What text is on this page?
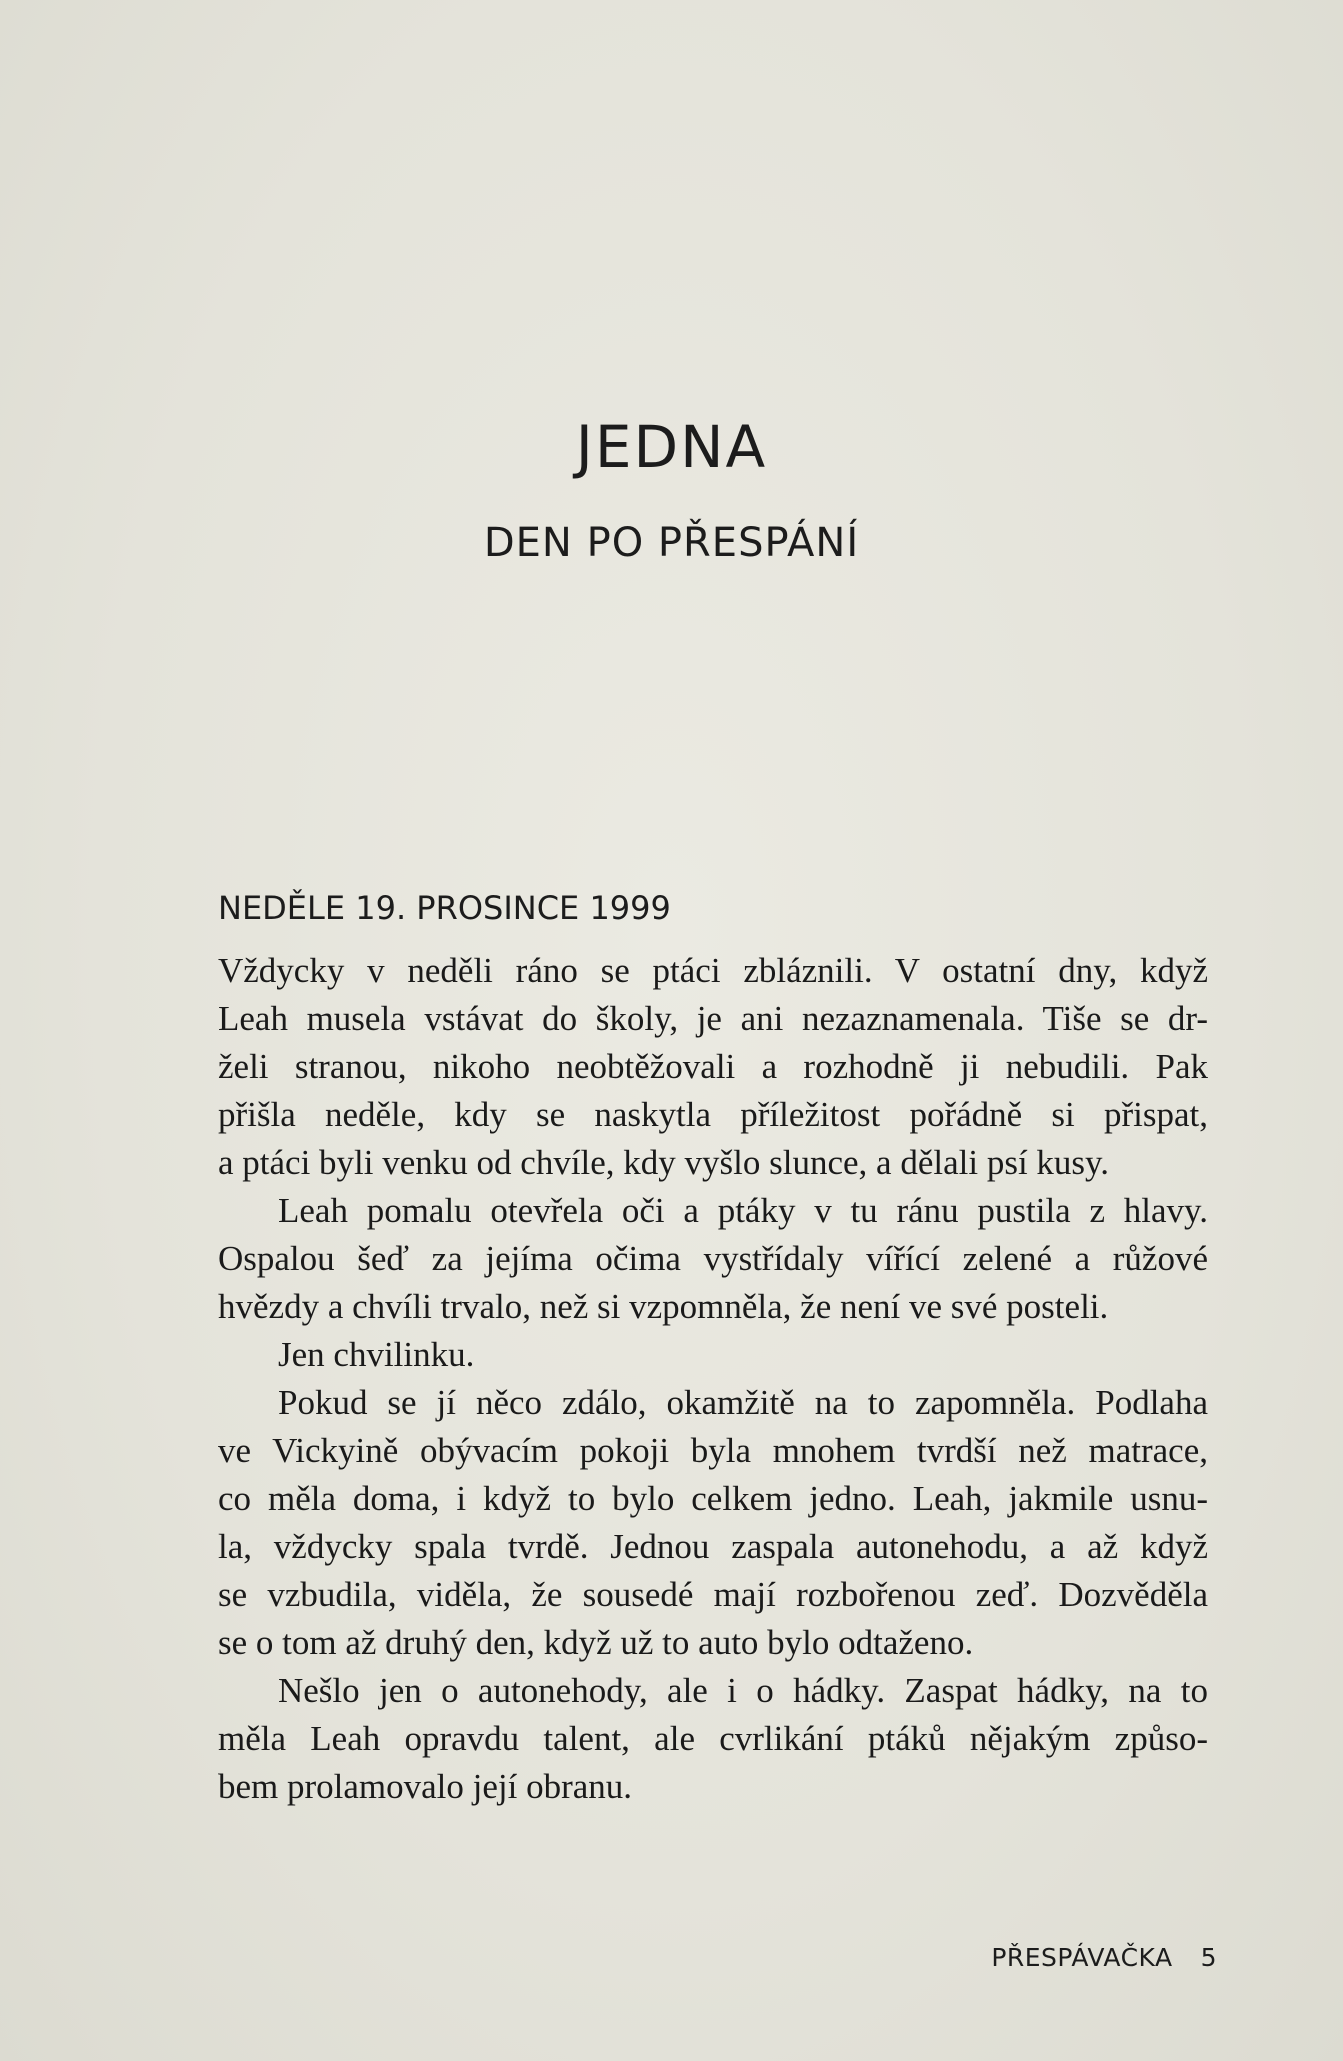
JEDNA
DEN PO PŘESPÁNÍ
NEDĚLE 19. PROSINCE 1999
Vždycky v neděli ráno se ptáci zbláznili. V ostatní dny, když
Leah musela vstávat do školy, je ani nezaznamenala. Tiše se dr-
želi stranou, nikoho neobtěžovali a rozhodně ji nebudili. Pak
přišla neděle, kdy se naskytla příležitost pořádně si přispat,
a ptáci byli venku od chvíle, kdy vyšlo slunce, a dělali psí kusy.
Leah pomalu otevřela oči a ptáky v tu ránu pustila z hlavy.
Ospalou šeď za jejíma očima vystřídaly vířící zelené a růžové
hvězdy a chvíli trvalo, než si vzpomněla, že není ve své posteli.
Jen chvilinku.
Pokud se jí něco zdálo, okamžitě na to zapomněla. Podlaha
ve Vickyině obývacím pokoji byla mnohem tvrdší než matrace,
co měla doma, i když to bylo celkem jedno. Leah, jakmile usnu-
la, vždycky spala tvrdě. Jednou zaspala autonehodu, a až když
se vzbudila, viděla, že sousedé mají rozbořenou zeď. Dozvěděla
se o tom až druhý den, když už to auto bylo odtaženo.
Nešlo jen o autonehody, ale i o hádky. Zaspat hádky, na to
měla Leah opravdu talent, ale cvrlikání ptáků nějakým způso-
bem prolamovalo její obranu.
PŘESPÁVAČKA 5
